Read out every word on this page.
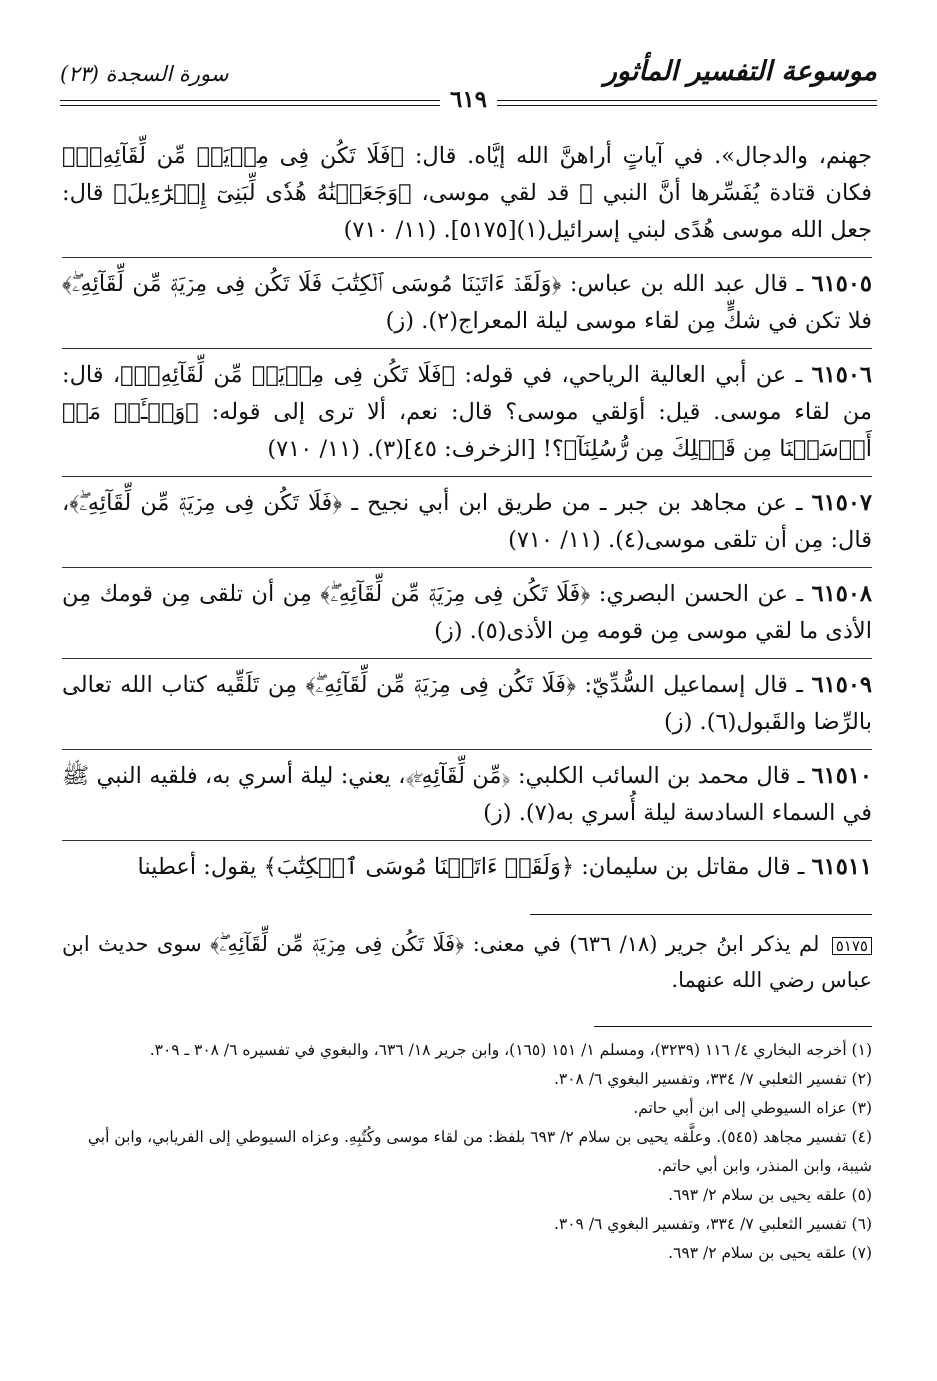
موسوعة التفسير المأثور
سورة السجدة (٢٣)
٦١٩

جهنم، والدجال». في آياتٍ أراهنَّ الله إيَّاه. قال: ﴿فَلَا تَكُن فِى مِرۡيَةٖ مِّن لِّقَآئِهِۦۖ﴾ فكان قتادة يُفَسِّرها أنَّ النبي ﷺ قد لقي موسى، ﴿وَجَعَلۡنَٰهُ هُدٗى لِّبَنِىٓ إِسۡرَٰٓءِيلَ﴾ قال: جعل الله موسى هُدًى لبني إسرائيل(١)[٥١٧٥]. (١١/ ٧١٠)

٦١٥٠٥ ـ قال عبد الله بن عباس: ﴿وَلَقَدۡ ءَاتَيۡنَا مُوسَى ٱلۡكِتَٰبَ فَلَا تَكُن فِى مِرۡيَةٖ مِّن لِّقَآئِهِۦۖ﴾ فلا تكن في شكٍّ مِن لقاء موسى ليلة المعراج(٢). (ز)

٦١٥٠٦ ـ عن أبي العالية الرياحي، في قوله: ﴿فَلَا تَكُن فِى مِرۡيَةٖ مِّن لِّقَآئِهِۦۖ﴾، قال: من لقاء موسى. قيل: أوَلقي موسى؟ قال: نعم، ألا ترى إلى قوله: ﴿وَسۡـَٔلۡ مَنۡ أَرۡسَلۡنَا مِن قَبۡلِكَ مِن رُّسُلِنَآ﴾؟! [الزخرف: ٤٥](٣). (١١/ ٧١٠)

٦١٥٠٧ ـ عن مجاهد بن جبر ـ من طريق ابن أبي نجيح ـ ﴿فَلَا تَكُن فِى مِرۡيَةٖ مِّن لِّقَآئِهِۦۖ﴾، قال: مِن أن تلقى موسى(٤). (١١/ ٧١٠)

٦١٥٠٨ ـ عن الحسن البصري: ﴿فَلَا تَكُن فِى مِرۡيَةٖ مِّن لِّقَآئِهِۦۖ﴾ مِن أن تلقى مِن قومك مِن الأذى ما لقي موسى مِن قومه مِن الأذى(٥). (ز)

٦١٥٠٩ ـ قال إسماعيل السُّدِّيّ: ﴿فَلَا تَكُن فِى مِرۡيَةٖ مِّن لِّقَآئِهِۦۖ﴾ مِن تَلَقِّيه كتاب الله تعالى بالرِّضا والقَبول(٦). (ز)

٦١٥١٠ ـ قال محمد بن السائب الكلبي: ﴿مِّن لِّقَآئِهِۦۖ﴾، يعني: ليلة أسري به، فلقيه النبي ﷺ في السماء السادسة ليلة أُسري به(٧). (ز)

٦١٥١١ ـ قال مقاتل بن سليمان: ﴿وَلَقَدۡ ءَاتَيۡنَا مُوسَى ٱلۡكِتَٰبَ﴾ يقول: أعطينا

٥١٧٥ لم يذكر ابنُ جرير (١٨/ ٦٣٦) في معنى: ﴿فَلَا تَكُن فِى مِرۡيَةٖ مِّن لِّقَآئِهِۦۖ﴾ سوى حديث ابن عباس رضي الله عنهما.
(١) أخرجه البخاري ٤/ ١١٦ (٣٢٣٩)، ومسلم ١/ ١٥١ (١٦٥)، وابن جرير ١٨/ ٦٣٦، والبغوي في تفسيره ٦/ ٣٠٨ ـ ٣٠٩.
(٢) تفسير الثعلبي ٧/ ٣٣٤، وتفسير البغوي ٦/ ٣٠٨.
(٣) عزاه السيوطي إلى ابن أبي حاتم.
(٤) تفسير مجاهد (٥٤٥). وعلَّقه يحيى بن سلام ٢/ ٦٩٣ بلفظ: من لقاء موسى وكُتُبِهِ. وعزاه السيوطي إلى الفريابي، وابن أبي شيبة، وابن المنذر، وابن أبي حاتم.
(٥) علقه يحيى بن سلام ٢/ ٦٩٣.
(٦) تفسير الثعلبي ٧/ ٣٣٤، وتفسير البغوي ٦/ ٣٠٩.
(٧) علقه يحيى بن سلام ٢/ ٦٩٣.
